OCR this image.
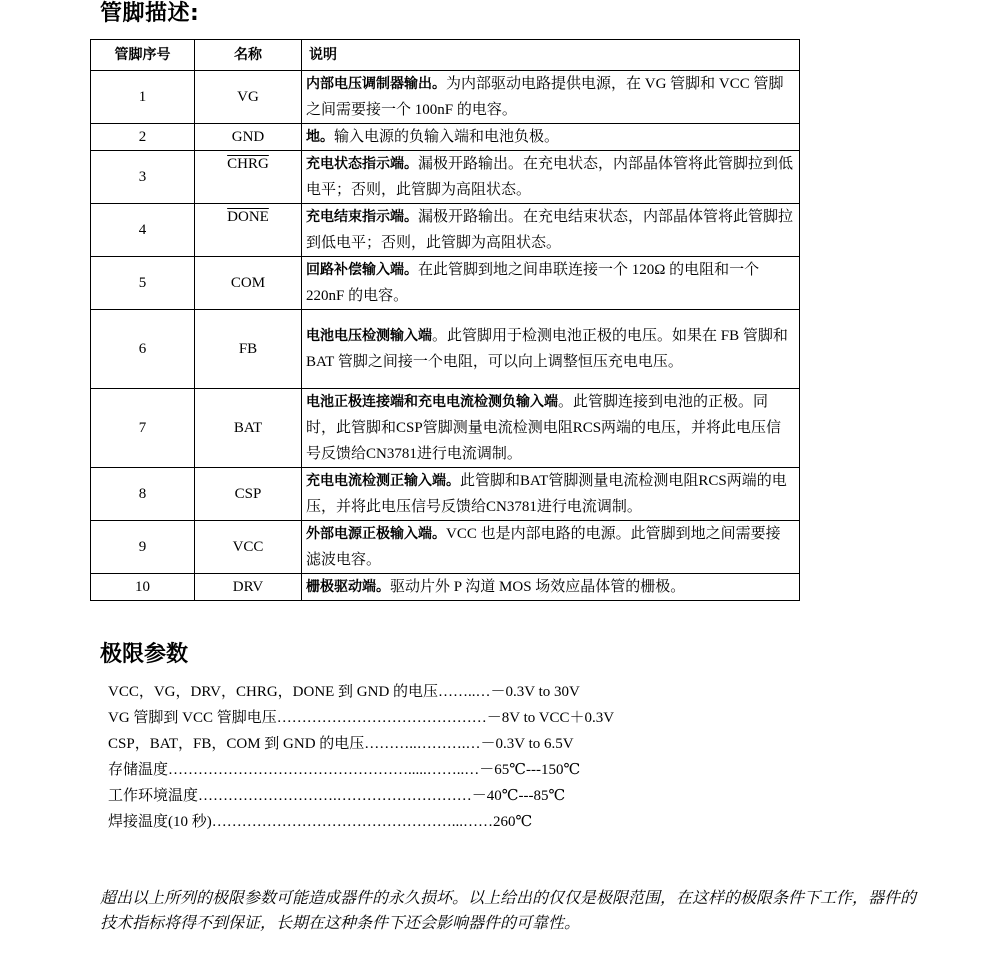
管脚描述:
管脚序号	名称	说明
1	VG	内部电压调制器输出。为内部驱动电路提供电源，在 VG 管脚和 VCC 管脚之间需要接一个 100nF 的电容。
2	GND	地。输入电源的负输入端和电池负极。
3	CHRG	充电状态指示端。漏极开路输出。在充电状态，内部晶体管将此管脚拉到低电平；否则，此管脚为高阻状态。
4	DONE	充电结束指示端。漏极开路输出。在充电结束状态，内部晶体管将此管脚拉到低电平；否则，此管脚为高阻状态。
5	COM	回路补偿输入端。在此管脚到地之间串联连接一个 120Ω 的电阻和一个 220nF 的电容。
6	FB	电池电压检测输入端。此管脚用于检测电池正极的电压。如果在 FB 管脚和 BAT 管脚之间接一个电阻，可以向上调整恒压充电电压。
7	BAT	电池正极连接端和充电电流检测负输入端。此管脚连接到电池的正极。同时，此管脚和CSP管脚测量电流检测电阻RCS两端的电压，并将此电压信号反馈给CN3781进行电流调制。
8	CSP	充电电流检测正输入端。此管脚和BAT管脚测量电流检测电阻RCS两端的电压，并将此电压信号反馈给CN3781进行电流调制。
9	VCC	外部电源正极输入端。VCC 也是内部电路的电源。此管脚到地之间需要接滤波电容。
10	DRV	栅极驱动端。驱动片外 P 沟道 MOS 场效应晶体管的栅极。
极限参数
VCC，VG，DRV，CHRG，DONE 到 GND 的电压……..…－0.3V to 30V
VG 管脚到 VCC 管脚电压……………………………………－8V to VCC＋0.3V
CSP，BAT，FB，COM 到 GND 的电压………..……….…－0.3V to 6.5V
存储温度………………………………………….....……..…－65℃---150℃
工作环境温度……………………….………………………－40℃---85℃
焊接温度(10 秒)…………………………………………...……260℃
超出以上所列的极限参数可能造成器件的永久损坏。以上给出的仅仅是极限范围，在这样的极限条件下工作，器件的技术指标将得不到保证，长期在这种条件下还会影响器件的可靠性。
